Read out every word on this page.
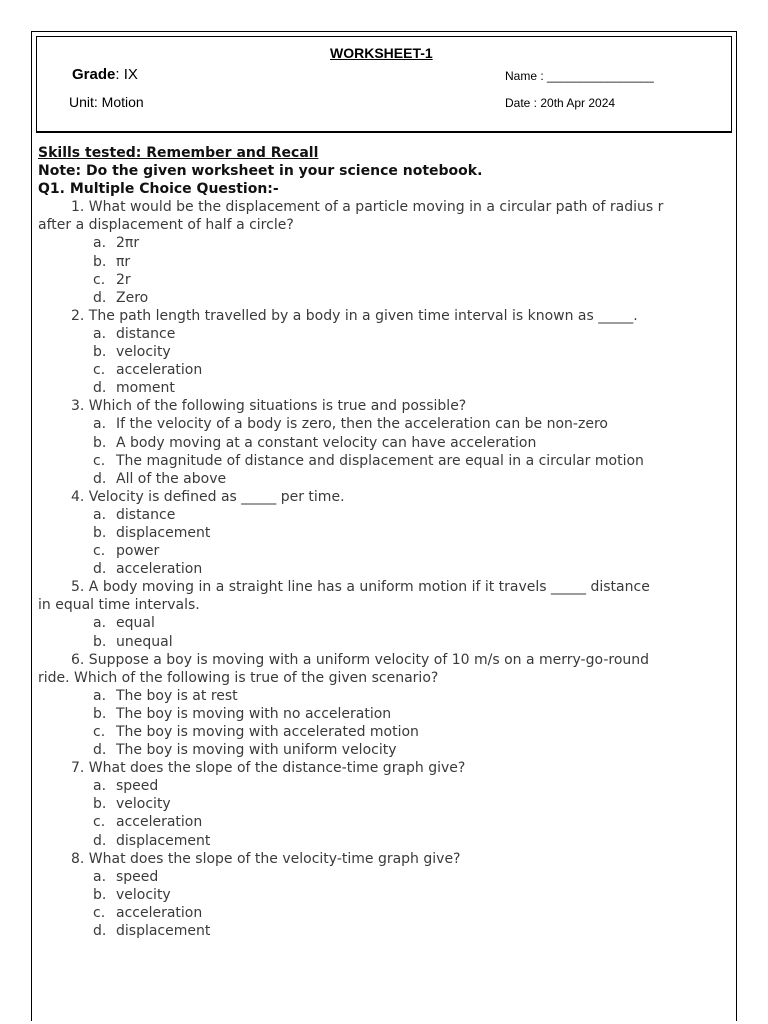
WORKSHEET-1
Grade: IX
Unit: Motion
Name : ________________
Date : 20th Apr 2024
Skills tested: Remember and Recall
Note: Do the given worksheet in your science notebook.
Q1. Multiple Choice Question:-
1. What would be the displacement of a particle moving in a circular path of radius r
after a displacement of half a circle?
a. 2πr
b. πr
c. 2r
d. Zero
2. The path length travelled by a body in a given time interval is known as _____.
a. distance
b. velocity
c. acceleration
d. moment
3. Which of the following situations is true and possible?
a. If the velocity of a body is zero, then the acceleration can be non-zero
b. A body moving at a constant velocity can have acceleration
c. The magnitude of distance and displacement are equal in a circular motion
d. All of the above
4. Velocity is defined as _____ per time.
a. distance
b. displacement
c. power
d. acceleration
5. A body moving in a straight line has a uniform motion if it travels _____ distance
in equal time intervals.
a. equal
b. unequal
6. Suppose a boy is moving with a uniform velocity of 10 m/s on a merry-go-round
ride. Which of the following is true of the given scenario?
a. The boy is at rest
b. The boy is moving with no acceleration
c. The boy is moving with accelerated motion
d. The boy is moving with uniform velocity
7. What does the slope of the distance-time graph give?
a. speed
b. velocity
c. acceleration
d. displacement
8. What does the slope of the velocity-time graph give?
a. speed
b. velocity
c. acceleration
d. displacement
